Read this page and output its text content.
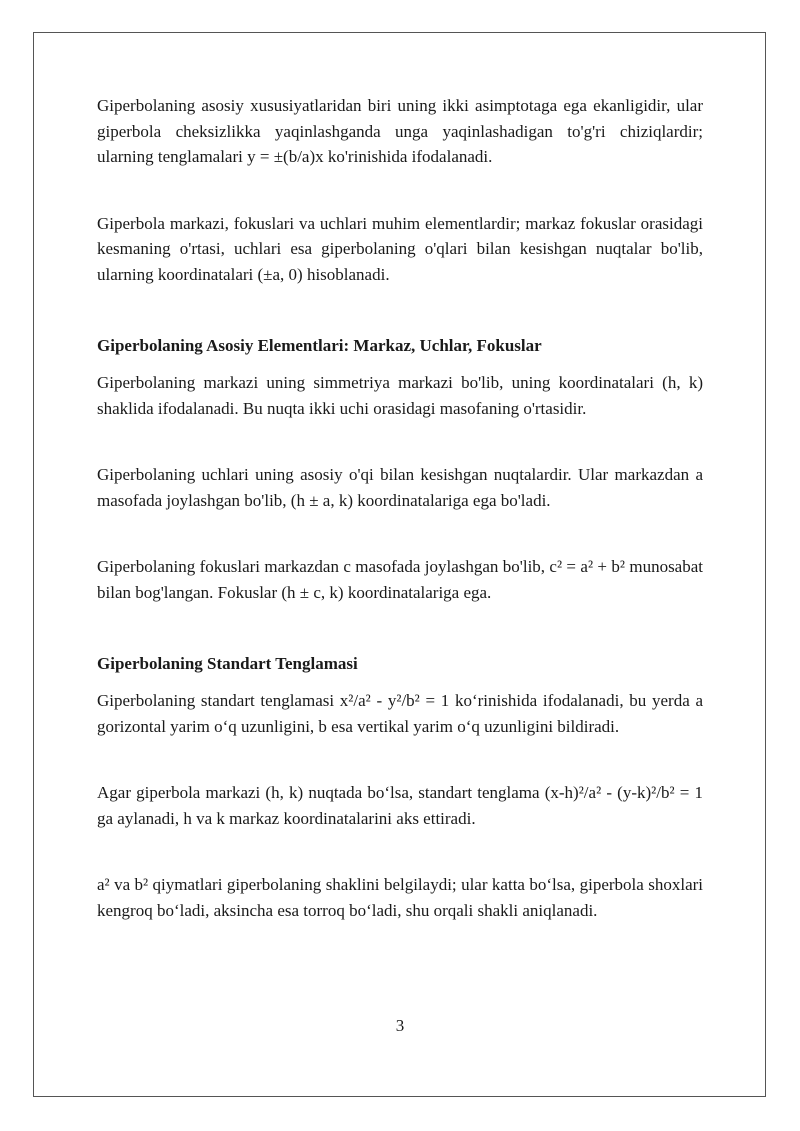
Giperbolaning asosiy xususiyatlaridan biri uning ikki asimptotaga ega ekanligidir, ular giperbola cheksizlikka yaqinlashganda unga yaqinlashadigan to'g'ri chiziqlardir; ularning tenglamalari y = ±(b/a)x ko'rinishida ifodalanadi.

Giperbola markazi, fokuslari va uchlari muhim elementlardir; markaz fokuslar orasidagi kesmaning o'rtasi, uchlari esa giperbolaning o'qlari bilan kesishgan nuqtalar bo'lib, ularning koordinatalari (±a, 0) hisoblanadi.

Giperbolaning Asosiy Elementlari: Markaz, Uchlar, Fokuslar

Giperbolaning markazi uning simmetriya markazi bo'lib, uning koordinatalari (h, k) shaklida ifodalanadi. Bu nuqta ikki uchi orasidagi masofaning o'rtasidir.

Giperbolaning uchlari uning asosiy o'qi bilan kesishgan nuqtalardir. Ular markazdan a masofada joylashgan bo'lib, (h ± a, k) koordinatalariga ega bo'ladi.

Giperbolaning fokuslari markazdan c masofada joylashgan bo'lib, c² = a² + b² munosabat bilan bog'langan. Fokuslar (h ± c, k) koordinatalariga ega.

Giperbolaning Standart Tenglamasi

Giperbolaning standart tenglamasi x²/a² - y²/b² = 1 ko‘rinishida ifodalanadi, bu yerda a gorizontal yarim o‘q uzunligini, b esa vertikal yarim o‘q uzunligini bildiradi.

Agar giperbola markazi (h, k) nuqtada bo‘lsa, standart tenglama (x-h)²/a² - (y-k)²/b² = 1 ga aylanadi, h va k markaz koordinatalarini aks ettiradi.

a² va b² qiymatlari giperbolaning shaklini belgilaydi; ular katta bo‘lsa, giperbola shoxlari kengroq bo‘ladi, aksincha esa torroq bo‘ladi, shu orqali shakli aniqlanadi.

3
